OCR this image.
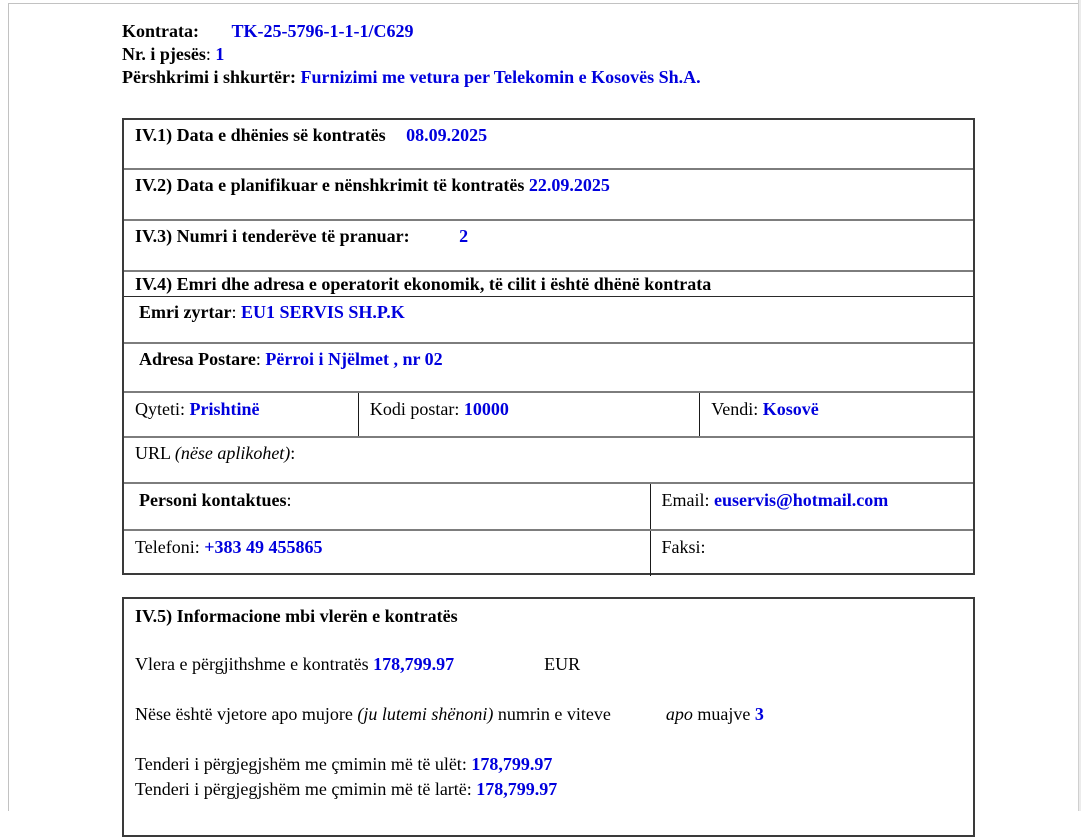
Kontrata: TK-25-5796-1-1-1/C629
Nr. i pjesës: 1
Përshkrimi i shkurtër: Furnizimi me vetura per Telekomin e Kosovës Sh.A.
IV.1) Data e dhënies së kontratës 08.09.2025
IV.2) Data e planifikuar e nënshkrimit të kontratës 22.09.2025
IV.3) Numri i tenderëve të pranuar:	2
IV.4) Emri dhe adresa e operatorit ekonomik, të cilit i është dhënë kontrata
Emri zyrtar: EU1 SERVIS SH.P.K
Adresa Postare: Përroi i Njëlmet , nr 02
Qyteti: Prishtinë	Kodi postar: 10000	Vendi: Kosovë
URL (nëse aplikohet):
Personi kontaktues:	Email: euservis@hotmail.com
Telefoni: +383 49 455865	Faksi:
IV.5) Informacione mbi vlerën e kontratës
Vlera e përgjithshme e kontratës 178,799.97	EUR
Nëse është vjetore apo mujore (ju lutemi shënoni) numrin e viteve	apo muajve 3
Tenderi i përgjegjshëm me çmimin më të ulët: 178,799.97
Tenderi i përgjegjshëm me çmimin më të lartë: 178,799.97
